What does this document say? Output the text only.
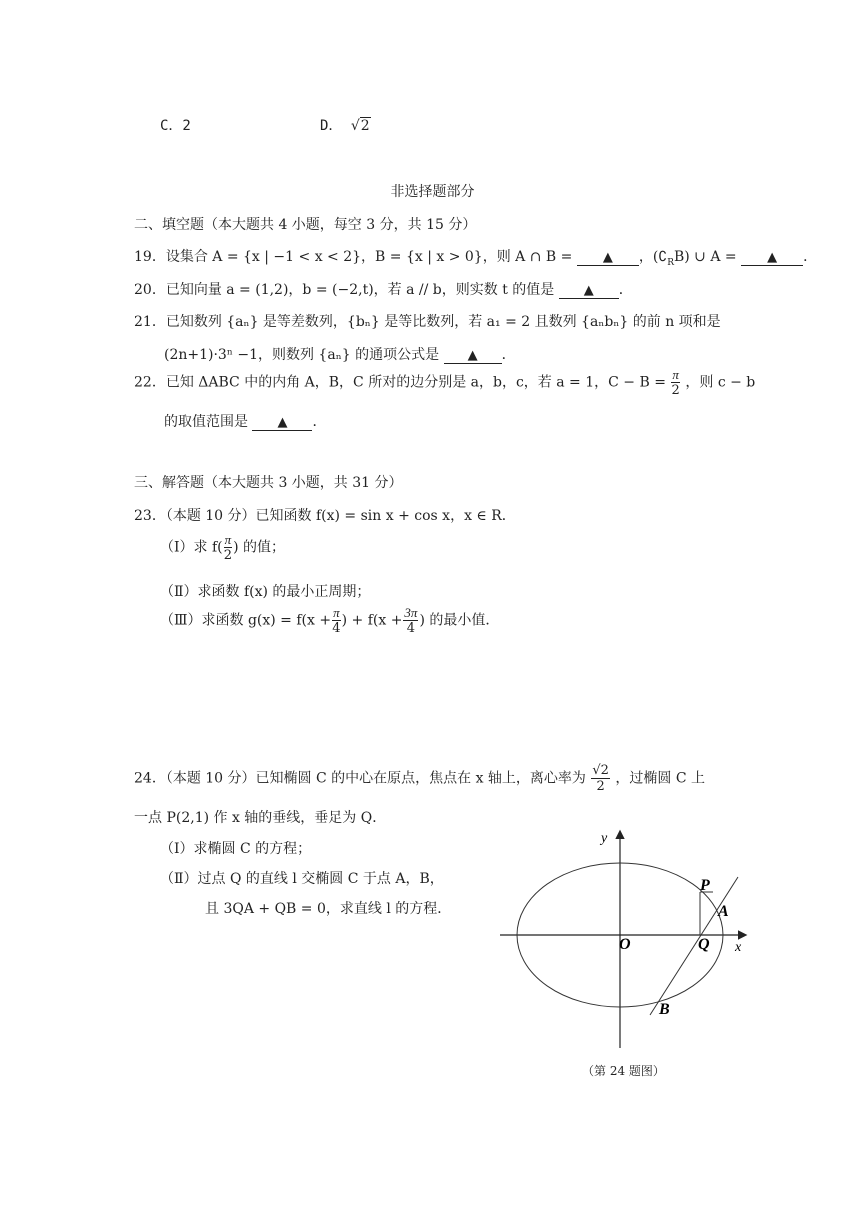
C．2	D． √2
非选择题部分
二、填空题（本大题共 4 小题，每空 3 分，共 15 分）
19．设集合 A = {x | −1 < x < 2}，B = {x | x > 0}，则 A ∩ B = ▲ ，$(∁_RB)$ ∪ A = ▲ ．
20．已知向量 a = (1,2)，b = (−2,t)，若 a // b，则实数 t 的值是 ▲ ．
21．已知数列 {aₙ} 是等差数列，{bₙ} 是等比数列，若 a₁ = 2 且数列 {aₙbₙ} 的前 n 项和是
(2n+1)·3ⁿ −1，则数列 {aₙ} 的通项公式是 ▲ ．
22．已知 ΔABC 中的内角 A，B，C 所对的边分别是 a，b，c，若 a = 1，$C - B = \frac{\pi}{2}$ ，则 c − b
的取值范围是 ▲ ．
三、解答题（本大题共 3 小题，共 31 分）
23．（本题 10 分）已知函数 f(x) = sin x + cos x，x ∈ R．
（Ⅰ）求 $f( \frac{\pi}{2}$ ) 的值；
（Ⅱ）求函数 f(x) 的最小正周期；
（Ⅲ）求函数 $g(x) = f(x + \frac{\pi}{4}$ ) + $f(x + \frac{3\pi}{4}$ ) 的最小值．
24．（本题 10 分）已知椭圆 C 的中心在原点，焦点在 x 轴上，离心率为 $\frac{√2}{2}$ ，过椭圆 C 上
一点 P(2,1) 作 x 轴的垂线，垂足为 Q．
（Ⅰ）求椭圆 C 的方程；
（Ⅱ）过点 Q 的直线 l 交椭圆 C 于点 A，B，
且 3QA + QB = 0，求直线 l 的方程．
y
x
O	Q
P
A
B
（第 24 题图）
